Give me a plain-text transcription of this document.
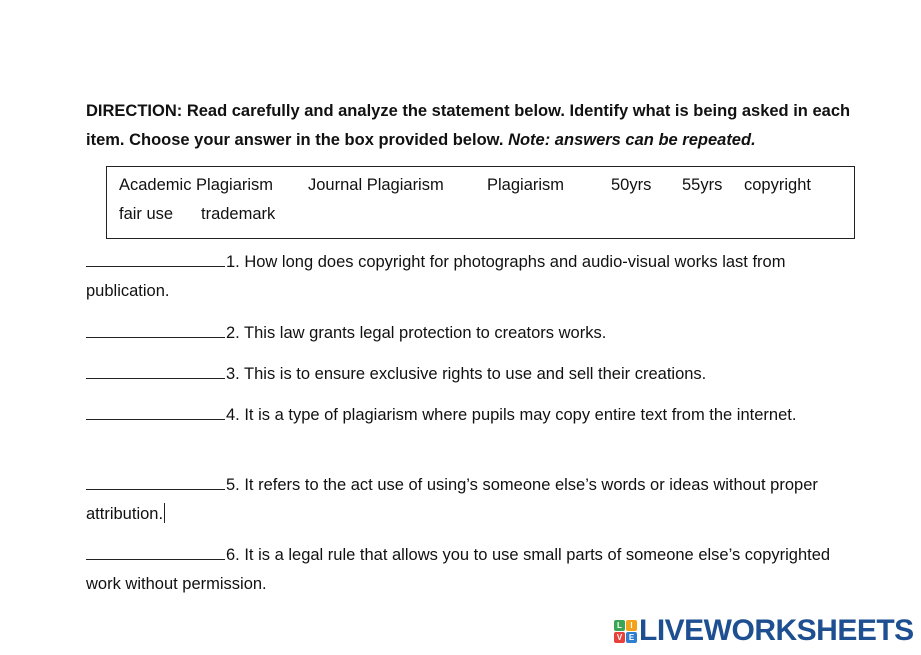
DIRECTION: Read carefully and analyze the statement below. Identify what is being asked in each item. Choose your answer in the box provided below. Note: answers can be repeated.
Academic Plagiarism Journal Plagiarism	Plagiarism	50yrs 55yrs copyright
fair use trademark
1. How long does copyright for photographs and audio-visual works last from publication.
2. This law grants legal protection to creators works.
3. This is to ensure exclusive rights to use and sell their creations.
4. It is a type of plagiarism where pupils may copy entire text from the internet.
5. It refers to the act use of using’s someone else’s words or ideas without proper attribution.
6. It is a legal rule that allows you to use small parts of someone else’s copyrighted work without permission.
L	I
V E LIVEWORKSHEETS
